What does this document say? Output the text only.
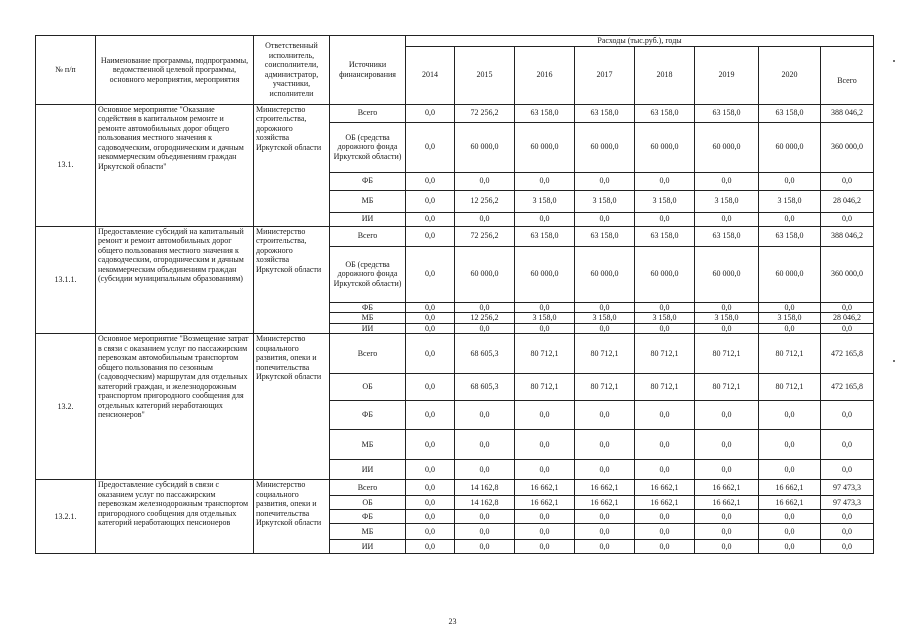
№ п/п	Наименование программы, подпрограммы, ведомственной целевой программы, основного мероприятия, мероприятия	Ответственный исполнитель, соисполнители, администратор, участники, исполнители	Источники финансирования	Расходы (тыс.руб.), годы							
				2014	2015	2016	2017	2018	2019	2020	Всего
13.1.	Основное мероприятие "Оказание содействия в капитальном ремонте и ремонте автомобильных дорог общего пользования местного значения к садоводческим, огородническим и дачным некоммерческим объединениям граждан Иркутской области"	Министерство строительства, дорожного хозяйства Иркутской области	Всего	0,0	72 256,2	63 158,0	63 158,0	63 158,0	63 158,0	63 158,0	388 046,2
			ОБ (средства дорожного фонда Иркутской области)	0,0	60 000,0	60 000,0	60 000,0	60 000,0	60 000,0	60 000,0	360 000,0
			ФБ	0,0	0,0	0,0	0,0	0,0	0,0	0,0	0,0
			МБ	0,0	12 256,2	3 158,0	3 158,0	3 158,0	3 158,0	3 158,0	28 046,2
			ИИ	0,0	0,0	0,0	0,0	0,0	0,0	0,0	0,0
13.1.1.	Предоставление субсидий на капитальный ремонт и ремонт автомобильных дорог общего пользования местного значения к садоводческим, огородническим и дачным некоммерческим объединениям граждан (субсидии муниципальным образованиям)	Министерство строительства, дорожного хозяйства Иркутской области	Всего	0,0	72 256,2	63 158,0	63 158,0	63 158,0	63 158,0	63 158,0	388 046,2
			ОБ (средства дорожного фонда Иркутской области)	0,0	60 000,0	60 000,0	60 000,0	60 000,0	60 000,0	60 000,0	360 000,0
			ФБ	0,0	0,0	0,0	0,0	0,0	0,0	0,0	0,0
			МБ	0,0	12 256,2	3 158,0	3 158,0	3 158,0	3 158,0	3 158,0	28 046,2
			ИИ	0,0	0,0	0,0	0,0	0,0	0,0	0,0	0,0
13.2.	Основное мероприятие "Возмещение затрат в связи с оказанием услуг по пассажирским перевозкам автомобильным транспортом общего пользования по сезонным (садоводческим) маршрутам для отдельных категорий граждан, и железнодорожным транспортом пригородного сообщения для отдельных категорий неработающих пенсионеров"	Министерство социального развития, опеки и попечительства Иркутской области	Всего	0,0	68 605,3	80 712,1	80 712,1	80 712,1	80 712,1	80 712,1	472 165,8
			ОБ	0,0	68 605,3	80 712,1	80 712,1	80 712,1	80 712,1	80 712,1	472 165,8
			ФБ	0,0	0,0	0,0	0,0	0,0	0,0	0,0	0,0
			МБ	0,0	0,0	0,0	0,0	0,0	0,0	0,0	0,0
			ИИ	0,0	0,0	0,0	0,0	0,0	0,0	0,0	0,0
13.2.1.	Предоставление субсидий в связи с оказанием услуг по пассажирским перевозкам железнодорожным транспортом пригородного сообщения для отдельных категорий неработающих пенсионеров	Министерство социального развития, опеки и попечительства Иркутской области	Всего	0,0	14 162,8	16 662,1	16 662,1	16 662,1	16 662,1	16 662,1	97 473,3
			ОБ	0,0	14 162,8	16 662,1	16 662,1	16 662,1	16 662,1	16 662,1	97 473,3
			ФБ	0,0	0,0	0,0	0,0	0,0	0,0	0,0	0,0
			МБ	0,0	0,0	0,0	0,0	0,0	0,0	0,0	0,0
			ИИ	0,0	0,0	0,0	0,0	0,0	0,0	0,0	0,0
23
